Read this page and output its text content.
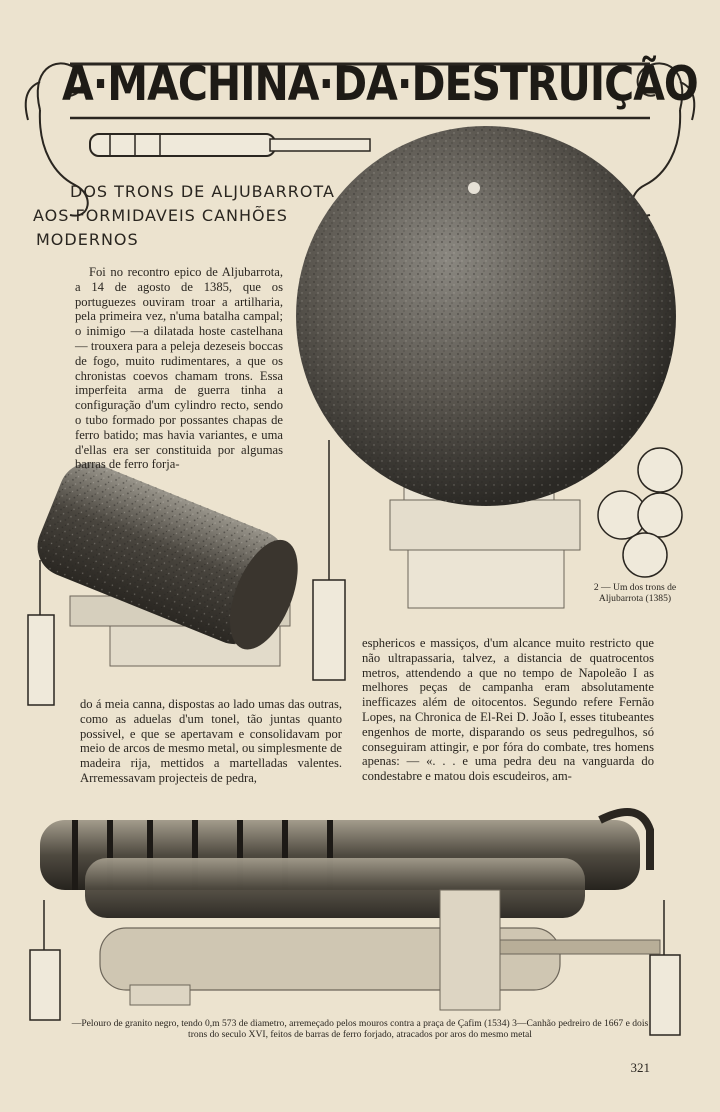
A·MACHINA·DA·DESTRUIÇÃO
DOS TRONS DE ALJUBARROTA
AOS FORMIDAVEIS CANHÕES
MODERNOS

Foi no recontro epico de Aljubarrota, a 14 de agosto de 1385, que os portuguezes ouviram troar a artilharia, pela primeira vez, n'uma batalha campal; o inimigo —a dilatada hoste castelhana — trouxera para a peleja dezeseis boccas de fogo, muito rudimentares, a que os chronistas coevos chamam trons. Essa imperfeita arma de guerra tinha a configuração d'um cylindro recto, sendo o tubo formado por possantes chapas de ferro batido; mas havia variantes, e uma d'ellas era ser constituida por algumas barras de ferro forja-

do á meia canna, dispostas ao lado umas das outras, como as aduelas d'um tonel, tão juntas quanto possivel, e que se apertavam e consolidavam por meio de arcos de mesmo metal, ou simplesmente de madeira rija, mettidos a martelladas valentes. Arremessavam projecteis de pedra,

esphericos e massiços, d'um alcance muito restricto que não ultrapassaria, talvez, a distancia de quatrocentos metros, attendendo a que no tempo de Napoleão I as melhores peças de campanha eram absolutamente inefficazes além de oitocentos. Segundo refere Fernão Lopes, na Chronica de El-Rei D. João I, esses titubeantes engenhos de morte, disparando os seus pedregulhos, só conseguiram attingir, e por fóra do combate, tres homens apenas: — «. . . e uma pedra deu na vanguarda do condestabre e matou dois escudeiros, am-

2 — Um dos trons de Aljubarrota (1385)
—Pelouro de granito negro, tendo 0,m 573 de diametro, arremeçado pelos mouros contra a praça de Çafim (1534) 3—Canhão pedreiro de 1667 e dois trons do seculo XVI, feitos de barras de ferro forjado, atracados por aros do mesmo metal
321
